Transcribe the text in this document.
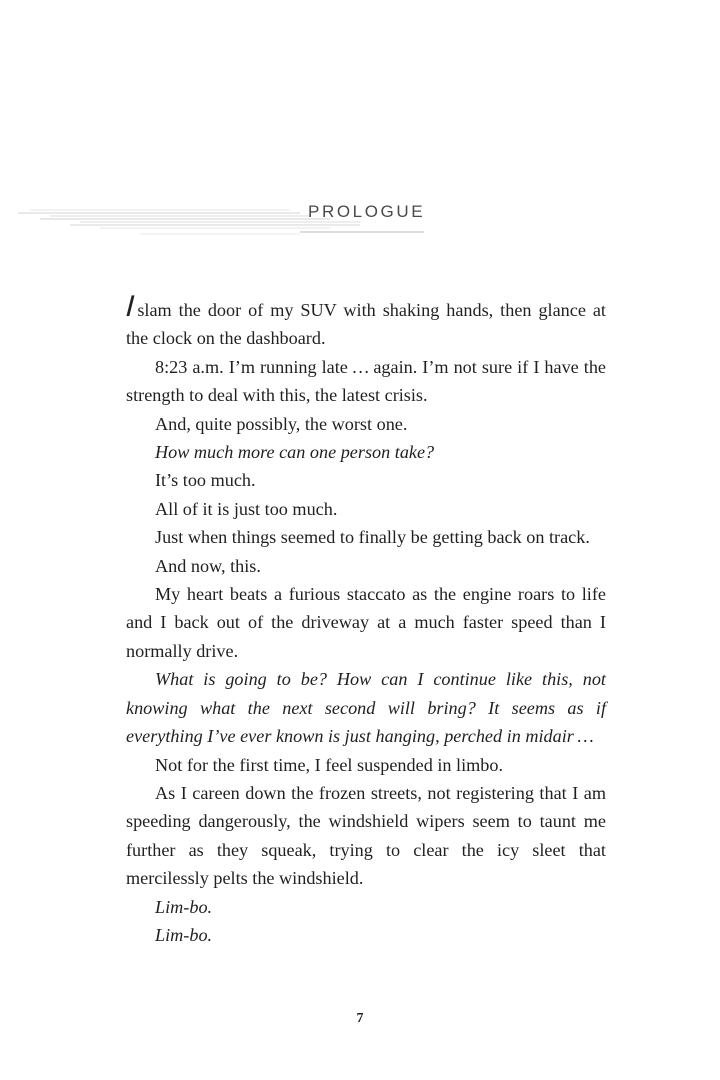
PROLOGUE

Islam the door of my SUV with shaking hands, then glance at the clock on the dashboard.

8:23 a.m. I’m running late … again. I’m not sure if I have the strength to deal with this, the latest crisis.

And, quite possibly, the worst one.

How much more can one person take?

It’s too much.

All of it is just too much.

Just when things seemed to finally be getting back on track.

And now, this.

My heart beats a furious staccato as the engine roars to life and I back out of the driveway at a much faster speed than I normally drive.

What is going to be? How can I continue like this, not knowing what the next second will bring? It seems as if everything I’ve ever known is just hanging, perched in midair …

Not for the first time, I feel suspended in limbo.

As I careen down the frozen streets, not registering that I am speeding dangerously, the windshield wipers seem to taunt me further as they squeak, trying to clear the icy sleet that mercilessly pelts the windshield.

Lim-bo.

Lim-bo.

7
